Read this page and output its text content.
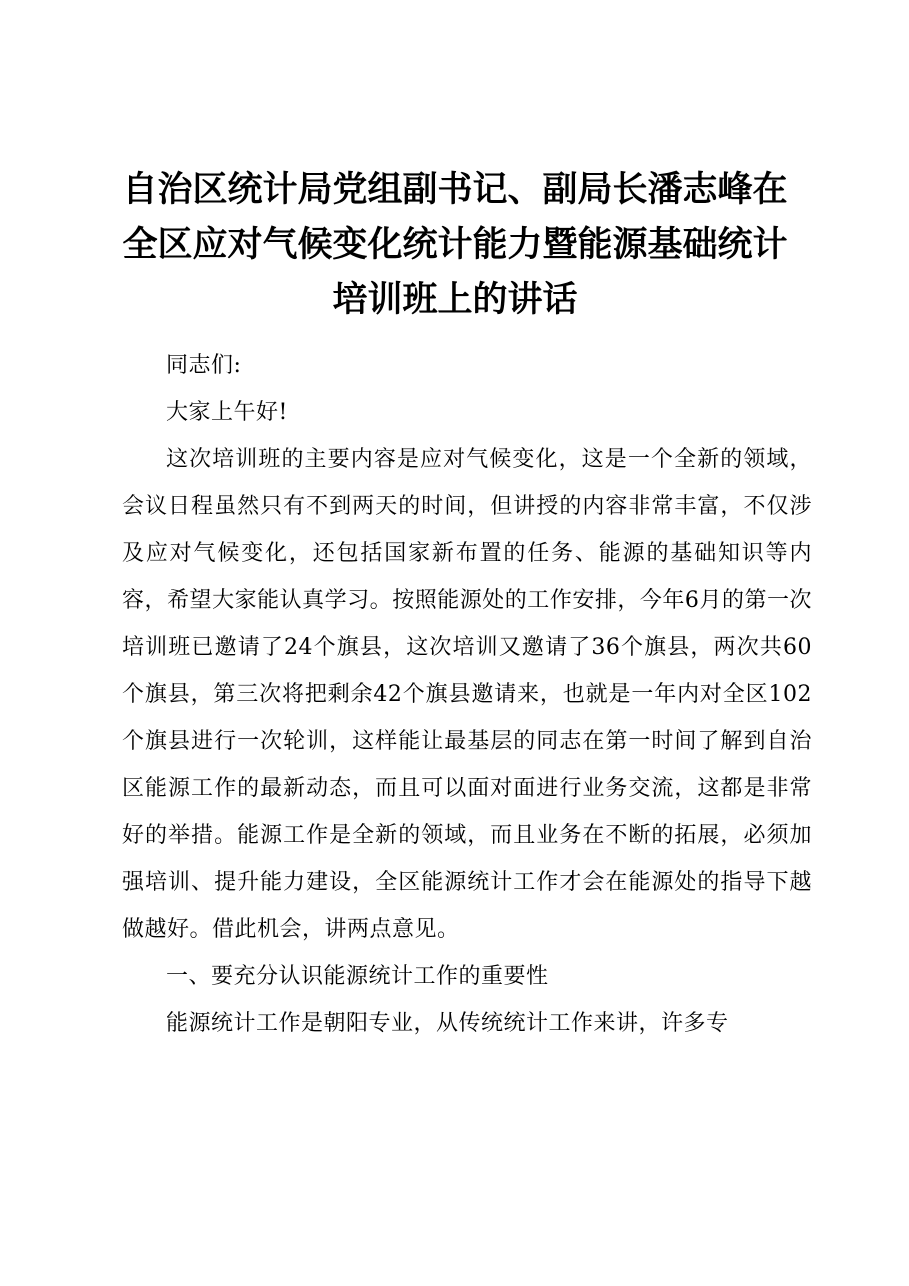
自治区统计局党组副书记、副局长潘志峰在全区应对气候变化统计能力暨能源基础统计培训班上的讲话

同志们:

大家上午好!

这次培训班的主要内容是应对气候变化，这是一个全新的领域，会议日程虽然只有不到两天的时间，但讲授的内容非常丰富，不仅涉及应对气候变化，还包括国家新布置的任务、能源的基础知识等内容，希望大家能认真学习。按照能源处的工作安排，今年6月的第一次培训班已邀请了24个旗县，这次培训又邀请了36个旗县，两次共60个旗县，第三次将把剩余42个旗县邀请来，也就是一年内对全区102个旗县进行一次轮训，这样能让最基层的同志在第一时间了解到自治区能源工作的最新动态，而且可以面对面进行业务交流，这都是非常好的举措。能源工作是全新的领域，而且业务在不断的拓展，必须加强培训、提升能力建设，全区能源统计工作才会在能源处的指导下越做越好。借此机会，讲两点意见。

一、要充分认识能源统计工作的重要性

能源统计工作是朝阳专业，从传统统计工作来讲，许多专
